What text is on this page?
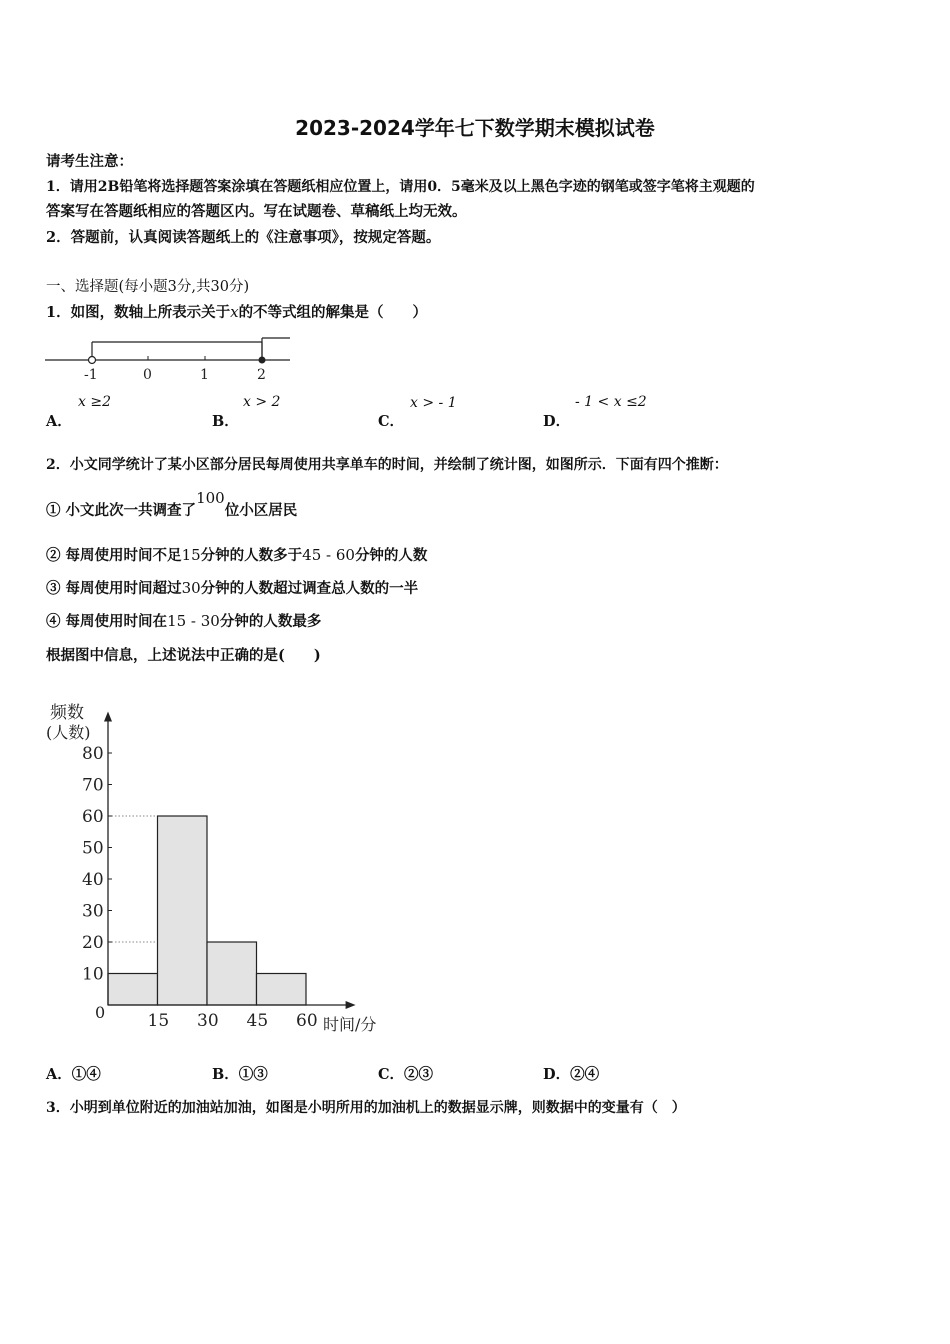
2023-2024学年七下数学期末模拟试卷
请考生注意：
1．请用2B铅笔将选择题答案涂填在答题纸相应位置上，请用0．5毫米及以上黑色字迹的钢笔或签字笔将主观题的
答案写在答题纸相应的答题区内。写在试题卷、草稿纸上均无效。
2．答题前，认真阅读答题纸上的《注意事项》，按规定答题。
一、选择题(每小题3分,共30分)
1．如图，数轴上所表示关于x的不等式组的解集是（　　）
-1	0	1	2
A．
x ≥2
B．
x > 2
C．
x > - 1
D．
- 1 < x ≤2
2．小文同学统计了某小区部分居民每周使用共享单车的时间，并绘制了统计图，如图所示．下面有四个推断：
① 小文此次一共调查了100位小区居民
② 每周使用时间不足15分钟的人数多于45 - 60分钟的人数
③ 每周使用时间超过30分钟的人数超过调查总人数的一半
④ 每周使用时间在15 - 30分钟的人数最多
根据图中信息，上述说法中正确的是(　　)
频数
(人数)
时间/分
0
10
20
30
40
50
60
70
80
15 30 45 60
A．①④	B．①③	C．②③	D．②④
3．小明到单位附近的加油站加油，如图是小明所用的加油机上的数据显示牌，则数据中的变量有（　）
